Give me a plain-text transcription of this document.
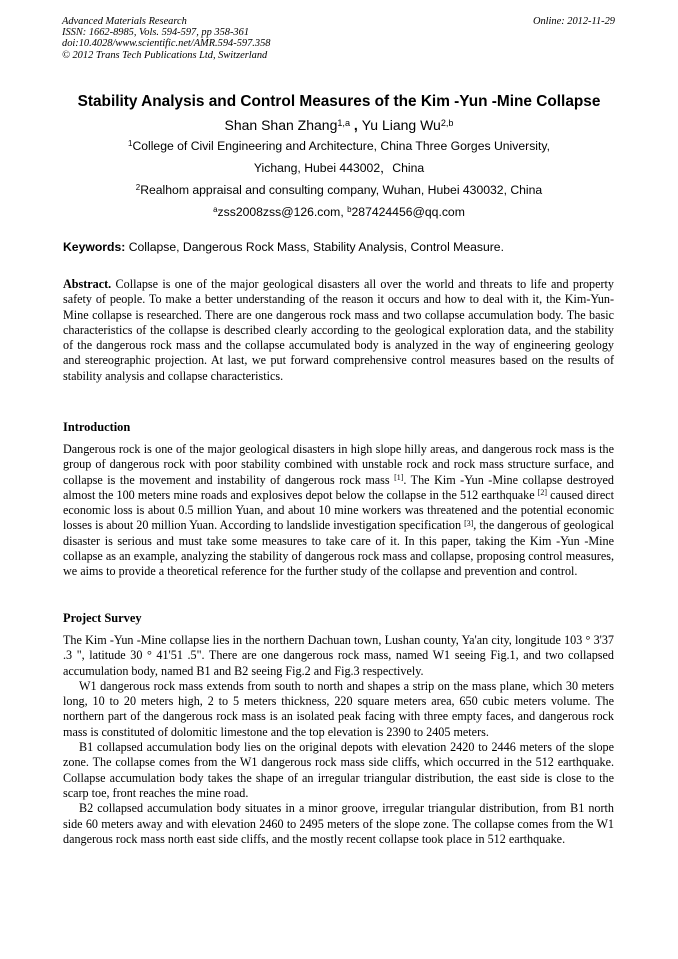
Advanced Materials Research
ISSN: 1662-8985, Vols. 594-597, pp 358-361
doi:10.4028/www.scientific.net/AMR.594-597.358
© 2012 Trans Tech Publications Ltd, Switzerland
Online: 2012-11-29
Stability Analysis and Control Measures of the Kim -Yun -Mine Collapse
Shan Shan Zhang$^{1,a}$ , Yu Liang Wu$^{2,b}$
$^1$College of Civil Engineering and Architecture, China Three Gorges University,
Yichang, Hubei 443002，China
$^2$Realhom appraisal and consulting company, Wuhan, Hubei 430032, China
$^a$zss2008zss@126.com, $^b$287424456@qq.com
Keywords: Collapse, Dangerous Rock Mass, Stability Analysis, Control Measure.

Abstract. Collapse is one of the major geological disasters all over the world and threats to life and property safety of people. To make a better understanding of the reason it occurs and how to deal with it, the Kim-Yun-Mine collapse is researched. There are one dangerous rock mass and two collapse accumulation body. The basic characteristics of the collapse is described clearly according to the geological exploration data, and the stability of the dangerous rock mass and the collapse accumulated body is analyzed in the way of engineering geology and stereographic projection. At last, we put forward comprehensive control measures based on the results of stability analysis and collapse characteristics.

Introduction

Dangerous rock is one of the major geological disasters in high slope hilly areas, and dangerous rock mass is the group of dangerous rock with poor stability combined with unstable rock and rock mass structure surface, and collapse is the movement and instability of dangerous rock mass [1]. The Kim -Yun -Mine collapse destroyed almost the 100 meters mine roads and explosives depot below the collapse in the 512 earthquake [2] caused direct economic loss is about 0.5 million Yuan, and about 10 mine workers was threatened and the potential economic losses is about 20 million Yuan. According to landslide investigation specification [3], the dangerous of geological disaster is serious and must take some measures to take care of it. In this paper, taking the Kim -Yun -Mine collapse as an example, analyzing the stability of dangerous rock mass and collapse, proposing control measures, we aims to provide a theoretical reference for the further study of the collapse and prevention and control.

Project Survey

The Kim -Yun -Mine collapse lies in the northern Dachuan town, Lushan county, Ya'an city, longitude 103 ° 3'37 .3 ", latitude 30 ° 41'51 .5". There are one dangerous rock mass, named W1 seeing Fig.1, and two collapsed accumulation body, named B1 and B2 seeing Fig.2 and Fig.3 respectively.

W1 dangerous rock mass extends from south to north and shapes a strip on the mass plane, which 30 meters long, 10 to 20 meters high, 2 to 5 meters thickness, 220 square meters area, 650 cubic meters volume. The northern part of the dangerous rock mass is an isolated peak facing with three empty faces, and dangerous rock mass is constituted of dolomitic limestone and the top elevation is 2390 to 2405 meters.

B1 collapsed accumulation body lies on the original depots with elevation 2420 to 2446 meters of the slope zone. The collapse comes from the W1 dangerous rock mass side cliffs, which occurred in the 512 earthquake. Collapse accumulation body takes the shape of an irregular triangular distribution, the east side is close to the scarp toe, front reaches the mine road.

B2 collapsed accumulation body situates in a minor groove, irregular triangular distribution, from B1 north side 60 meters away and with elevation 2460 to 2495 meters of the slope zone. The collapse comes from the W1 dangerous rock mass north east side cliffs, and the mostly recent collapse took place in 512 earthquake.
